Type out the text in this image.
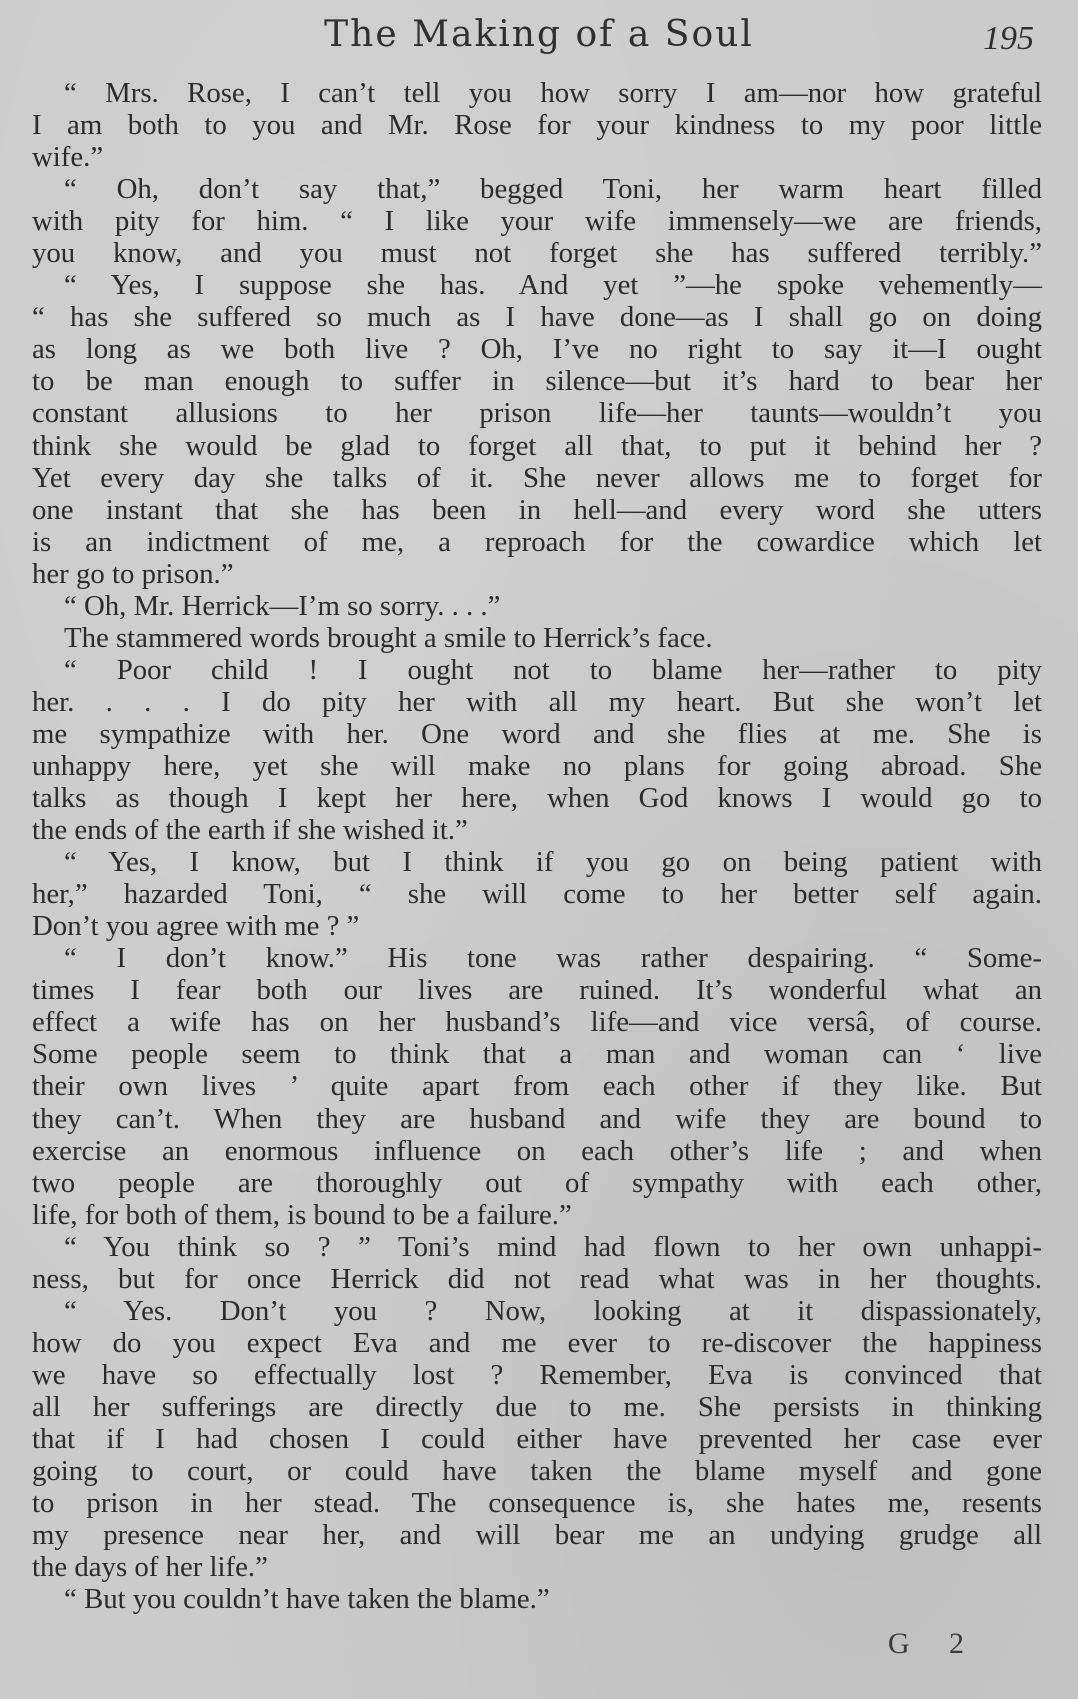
The Making of a Soul	195
“ Mrs. Rose, I can’t tell you how sorry I am—nor how grateful
I am both to you and Mr. Rose for your kindness to my poor little
wife.”
“ Oh, don’t say that,” begged Toni, her warm heart filled
with pity for him. “ I like your wife immensely—we are friends,
you know, and you must not forget she has suffered terribly.”
“ Yes, I suppose she has. And yet ”—he spoke vehemently—
“ has she suffered so much as I have done—as I shall go on doing
as long as we both live ? Oh, I’ve no right to say it—I ought
to be man enough to suffer in silence—but it’s hard to bear her
constant allusions to her prison life—her taunts—wouldn’t you
think she would be glad to forget all that, to put it behind her ?
Yet every day she talks of it. She never allows me to forget for
one instant that she has been in hell—and every word she utters
is an indictment of me, a reproach for the cowardice which let
her go to prison.”
“ Oh, Mr. Herrick—I’m so sorry. . . .”
The stammered words brought a smile to Herrick’s face.
“ Poor child ! I ought not to blame her—rather to pity
her. . . . I do pity her with all my heart. But she won’t let
me sympathize with her. One word and she flies at me. She is
unhappy here, yet she will make no plans for going abroad. She
talks as though I kept her here, when God knows I would go to
the ends of the earth if she wished it.”
“ Yes, I know, but I think if you go on being patient with
her,” hazarded Toni, “ she will come to her better self again.
Don’t you agree with me ? ”
“ I don’t know.” His tone was rather despairing. “ Some-
times I fear both our lives are ruined. It’s wonderful what an
effect a wife has on her husband’s life—and vice versâ, of course.
Some people seem to think that a man and woman can ‘ live
their own lives ’ quite apart from each other if they like. But
they can’t. When they are husband and wife they are bound to
exercise an enormous influence on each other’s life ; and when
two people are thoroughly out of sympathy with each other,
life, for both of them, is bound to be a failure.”
“ You think so ? ” Toni’s mind had flown to her own unhappi-
ness, but for once Herrick did not read what was in her thoughts.
“ Yes. Don’t you ? Now, looking at it dispassionately,
how do you expect Eva and me ever to re-discover the happiness
we have so effectually lost ? Remember, Eva is convinced that
all her sufferings are directly due to me. She persists in thinking
that if I had chosen I could either have prevented her case ever
going to court, or could have taken the blame myself and gone
to prison in her stead. The consequence is, she hates me, resents
my presence near her, and will bear me an undying grudge all
the days of her life.”
“ But you couldn’t have taken the blame.”
G 2
